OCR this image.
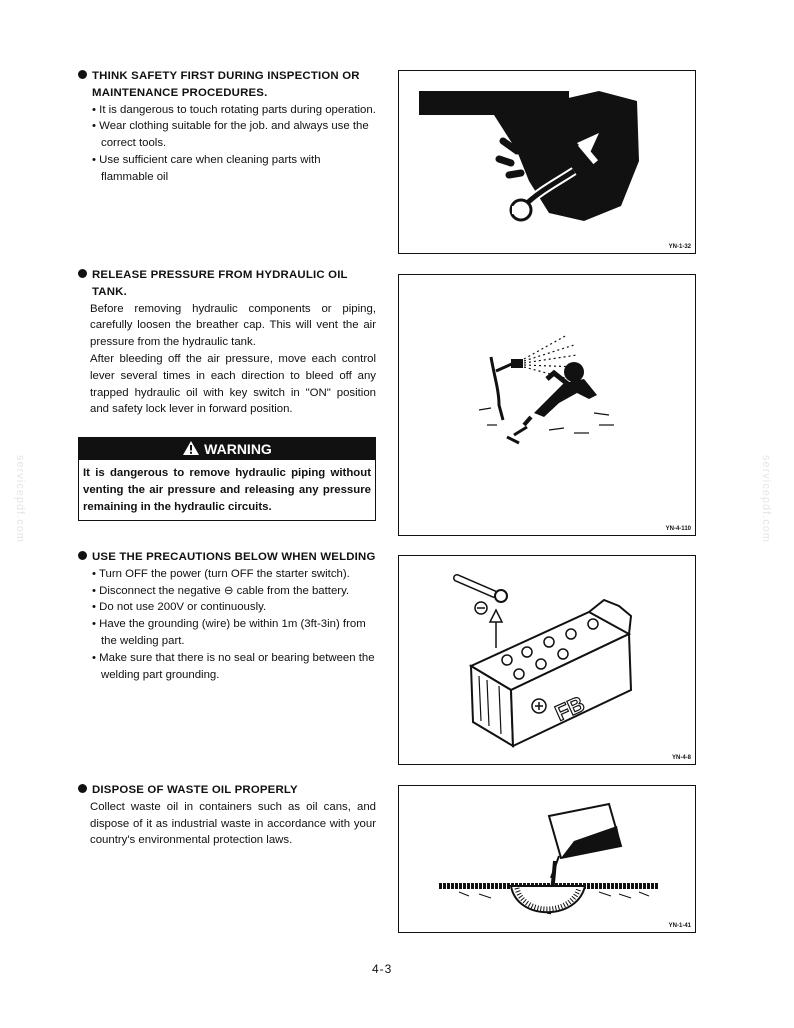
THINK SAFETY FIRST DURING INSPECTION OR MAINTENANCE PROCEDURES.
• It is dangerous to touch rotating parts during operation.
• Wear clothing suitable for the job. and always use the correct tools.
• Use sufficient care when cleaning parts with flammable oil
RELEASE PRESSURE FROM HYDRAULIC OIL TANK.

Before removing hydraulic components or piping, carefully loosen the breather cap. This will vent the air pressure from the hydraulic tank.

After bleeding off the air pressure, move each control lever several times in each direction to bleed off any trapped hydraulic oil with key switch in "ON" position and safety lock lever in forward position.

WARNING
It is dangerous to remove hydraulic piping without venting the air pressure and releasing any pressure remaining in the hydraulic circuits.
USE THE PRECAUTIONS BELOW WHEN WELDING
• Turn OFF the power (turn OFF the starter switch).
• Disconnect the negative ⊖ cable from the battery.
• Do not use 200V or continuously.
• Have the grounding (wire) be within 1m (3ft-3in) from the welding part.
• Make sure that there is no seal or bearing between the welding part grounding.
DISPOSE OF WASTE OIL PROPERLY

Collect waste oil in containers such as oil cans, and dispose of it as industrial waste in accordance with your country's environmental protection laws.

YN-1-32
YN-4-110
FB
YN-4-8
YN-1-41
4-3
servicepdf.com	servicepdf.com
